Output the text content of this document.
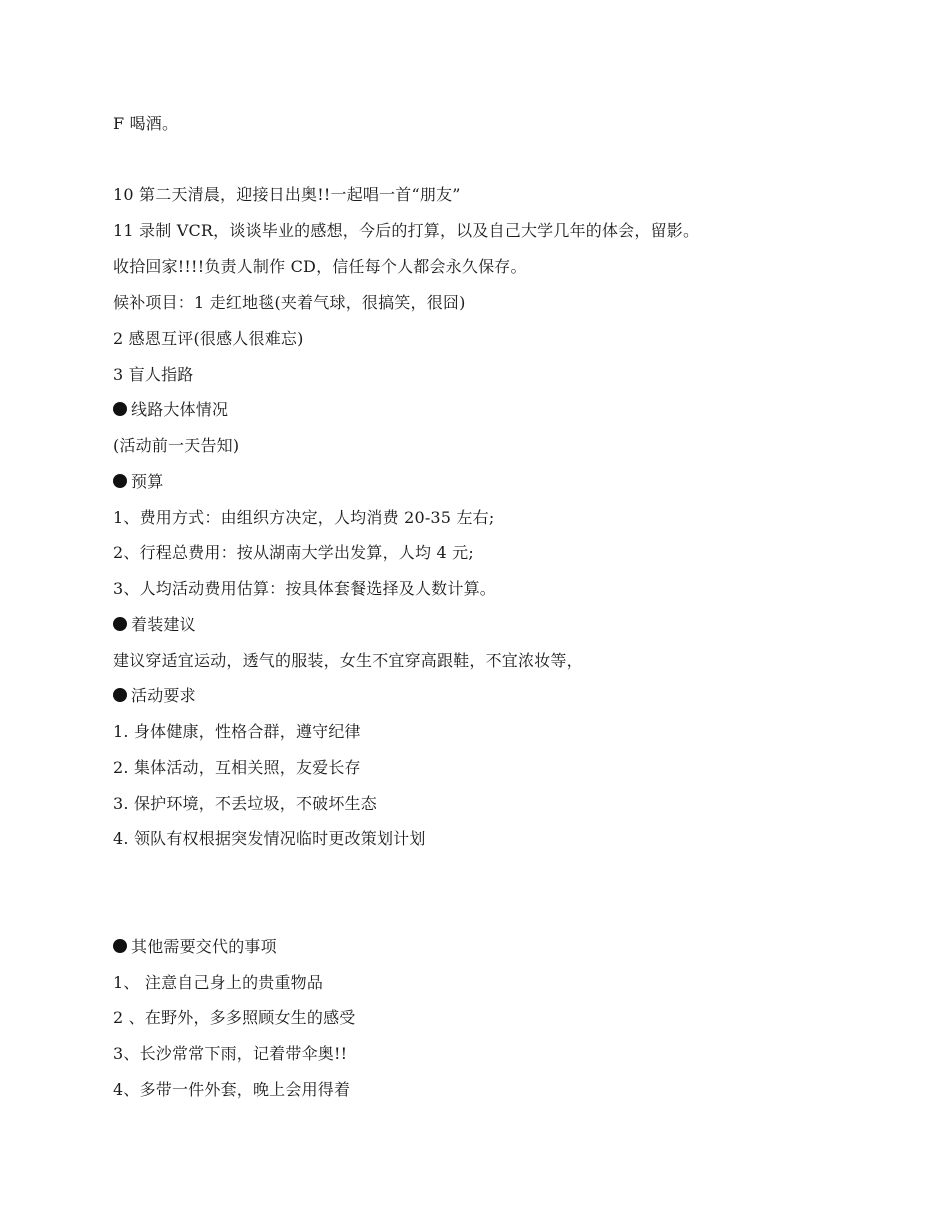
F 喝酒。
10 第二天清晨，迎接日出奥!!一起唱一首“朋友”
11 录制 VCR，谈谈毕业的感想，今后的打算，以及自己大学几年的体会，留影。
收拾回家!!!!负责人制作 CD，信任每个人都会永久保存。
候补项目：1 走红地毯(夹着气球，很搞笑，很囧)
2 感恩互评(很感人很难忘)
3 盲人指路
线路大体情况
(活动前一天告知)
预算
1、费用方式：由组织方决定，人均消费 20-35 左右;
2、行程总费用：按从湖南大学出发算，人均 4 元;
3、人均活动费用估算：按具体套餐选择及人数计算。
着装建议
建议穿适宜运动，透气的服装，女生不宜穿高跟鞋，不宜浓妆等，
活动要求
1. 身体健康，性格合群，遵守纪律
2. 集体活动，互相关照，友爱长存
3. 保护环境，不丢垃圾，不破坏生态
4. 领队有权根据突发情况临时更改策划计划
其他需要交代的事项
1、 注意自己身上的贵重物品
2 、在野外，多多照顾女生的感受
3、长沙常常下雨，记着带伞奥!!
4、多带一件外套，晚上会用得着
